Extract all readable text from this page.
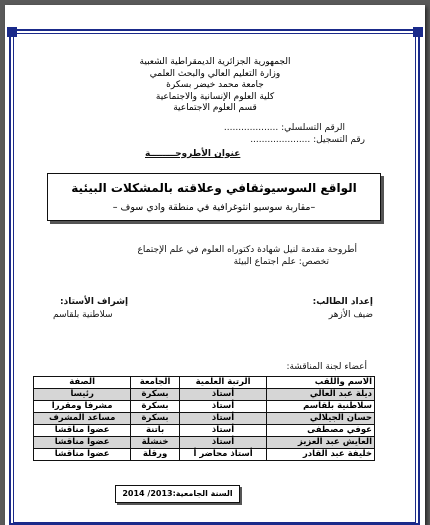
الجمهورية الجزائرية الديمقراطية الشعبية
وزارة التعليم العالي والبحث العلمي
جامعة محمد خيضر بسكرة
كلية العلوم الإنسانية والاجتماعية
قسم العلوم الاجتماعية
الرقم التسلسلي: ...................
رقم التسجيل: .....................
عنوان الأطروحــــــــة
الواقع السوسيوثقافي وعلاقته بالمشكلات البيئية
–مقاربة سوسيو انثوغرافية في منطقة وادي سوف –
أطروحة مقدمة لنيل شهادة دكتوراه العلوم في علم الإجتماع
تخصص: علم اجتماع البيئة
إعداد الطالب:
ضيف الأزهر
إشراف الأستاذ:
سلاطنية بلقاسم
أعضاء لجنة المناقشة:
الاسم واللقب	الرتبة العلمية	الجامعة	الصفة
ديلة عبد العالي	أستاذ	بسكرة	رئيسا
سلاطنية بلقاسم	أستاذ	بسكرة	مشرفا ومقررا
حسان الجيلالي	أستاذ	بسكرة	مساعد المشرف
عوفي مصطفى	أستاذ	باتنة	عضوا مناقشا
العايش عبد العزيز	أستاذ	خنشلة	عضوا مناقشا
خليفة عبد القادر	أستاذ محاضر أ	ورقلة	عضوا مناقشا
السنة الجامعية:2013/ 2014
